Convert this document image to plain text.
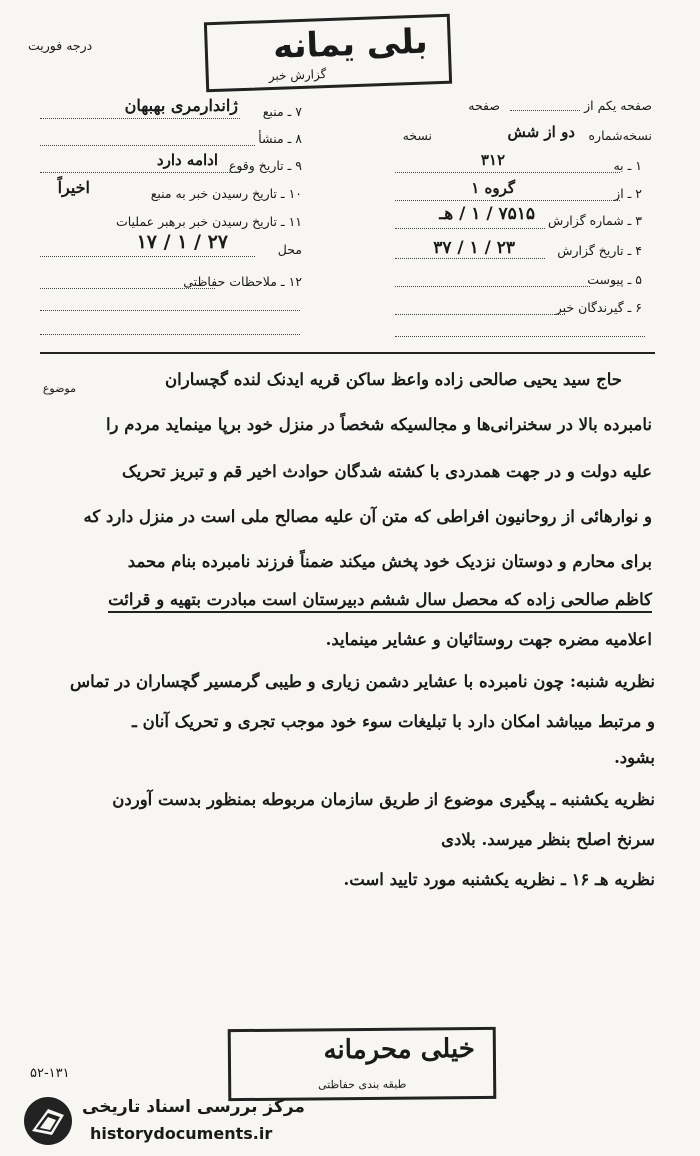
بلی یمانه
گزارش خبر
درجه فوریت
صفحه یکم از
صفحه
نسخه‌شماره
دو از شش
نسخه
۱ ـ به
۳۱۲
۲ ـ از
گروه ۱
۳ ـ شماره گزارش
۷۵۱۵ / ۱ / هـ
۴ ـ تاریخ گزارش
۲۳ / ۱ / ۳۷
۵ ـ پیوست
۶ ـ گیرندگان خبر
۷ ـ منبع
ژاندارمری بهبهان
۸ ـ منشأ
۹ ـ تاریخ وقوع
ادامه دارد
۱۰ ـ تاریخ رسیدن خبر به منبع
اخیراً
۱۱ ـ تاریخ رسیدن خبر برهبر عملیات
محل
۲۷ / ۱ / ۱۷
۱۲ ـ ملاحظات حفاظتی
موضوع	حاج سید یحیی صالحی زاده واعظ ساکن قریه ایدنک لنده گچساران
نامبرده بالا در سخنرانی‌ها و مجالسیکه شخصاً در منزل خود برپا مینماید مردم را
علیه دولت و در جهت همدردی با کشته شدگان حوادث اخیر قم و تبریز تحریک
و نوارهائی از روحانیون افراطی که متن آن علیه مصالح ملی است در منزل دارد که
برای محارم و دوستان نزدیک خود پخش میکند ضمناً فرزند نامبرده بنام محمد
کاظم صالحی زاده که محصل سال ششم دبیرستان است مبادرت بتهیه و قرائت
اعلامیه مضره جهت روستائیان و عشایر مینماید.
نظریه شنبه: چون نامبرده با عشایر دشمن زیاری و طیبی گرمسیر گچساران در تماس
و مرتبط میباشد امکان دارد با تبلیغات سوء خود موجب تجری و تحریک آنان ـ
بشود.
نظریه یکشنبه ـ پیگیری موضوع از طریق سازمان مربوطه بمنظور بدست آوردن
سرنخ اصلح بنظر میرسد. بلادی
نظریه هـ ۱۶ ـ نظریه یکشنبه مورد تایید است.
خیلی محرمانه
طبقه بندی حفاظتی
۵۲-۱۳۱
مرکز بررسی اسناد تاریخی
historydocuments.ir
